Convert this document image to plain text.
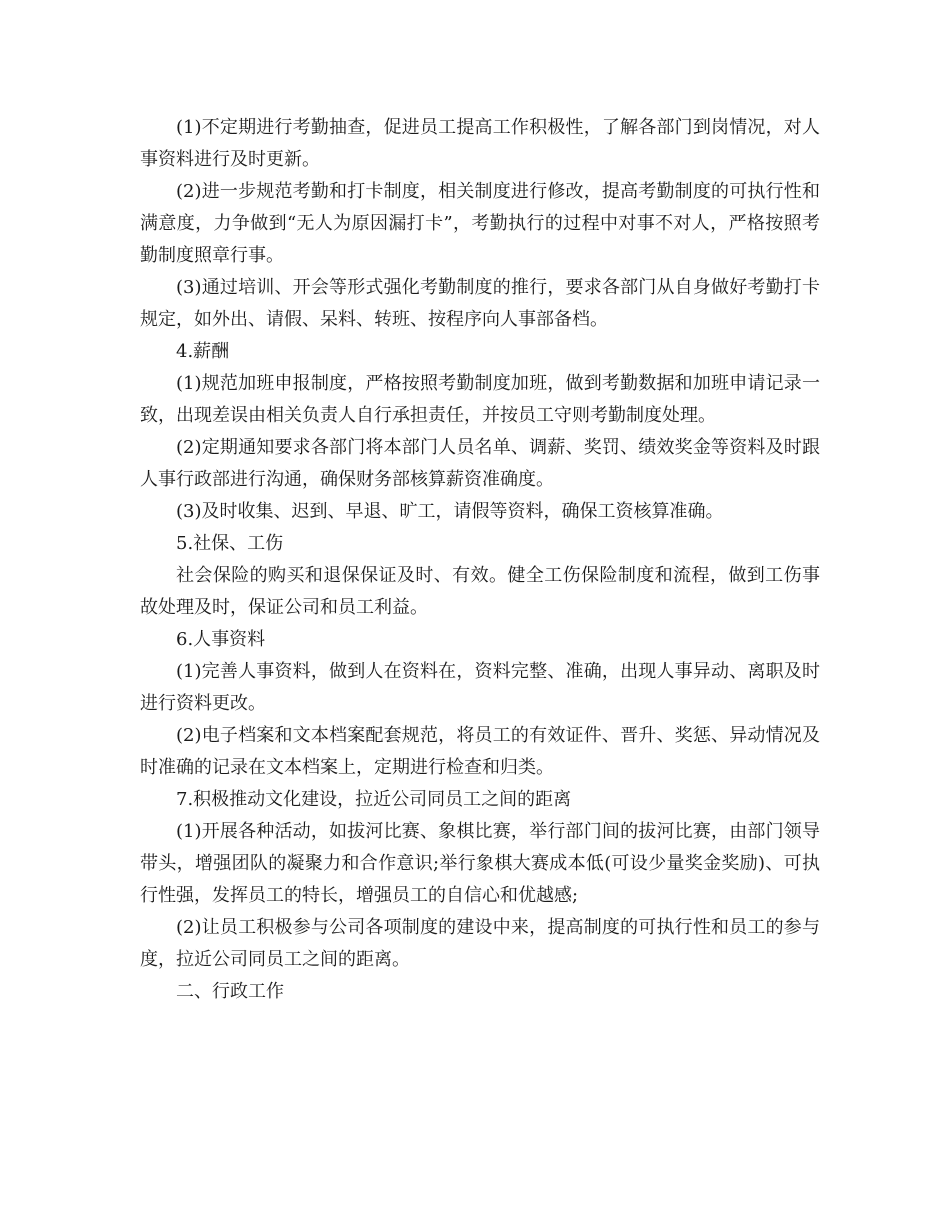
(1)不定期进行考勤抽查，促进员工提高工作积极性，了解各部门到岗情况，对人事资料进行及时更新。

(2)进一步规范考勤和打卡制度，相关制度进行修改，提高考勤制度的可执行性和满意度，力争做到“无人为原因漏打卡”，考勤执行的过程中对事不对人，严格按照考勤制度照章行事。

(3)通过培训、开会等形式强化考勤制度的推行，要求各部门从自身做好考勤打卡规定，如外出、请假、呆料、转班、按程序向人事部备档。

4.薪酬

(1)规范加班申报制度，严格按照考勤制度加班，做到考勤数据和加班申请记录一致，出现差误由相关负责人自行承担责任，并按员工守则考勤制度处理。

(2)定期通知要求各部门将本部门人员名单、调薪、奖罚、绩效奖金等资料及时跟人事行政部进行沟通，确保财务部核算薪资准确度。

(3)及时收集、迟到、早退、旷工，请假等资料，确保工资核算准确。

5.社保、工伤

社会保险的购买和退保保证及时、有效。健全工伤保险制度和流程，做到工伤事故处理及时，保证公司和员工利益。

6.人事资料

(1)完善人事资料，做到人在资料在，资料完整、准确，出现人事异动、离职及时进行资料更改。

(2)电子档案和文本档案配套规范，将员工的有效证件、晋升、奖惩、异动情况及时准确的记录在文本档案上，定期进行检查和归类。

7.积极推动文化建设，拉近公司同员工之间的距离

(1)开展各种活动，如拔河比赛、象棋比赛，举行部门间的拔河比赛，由部门领导带头，增强团队的凝聚力和合作意识;举行象棋大赛成本低(可设少量奖金奖励)、可执行性强，发挥员工的特长，增强员工的自信心和优越感;

(2)让员工积极参与公司各项制度的建设中来，提高制度的可执行性和员工的参与度，拉近公司同员工之间的距离。

二、行政工作
